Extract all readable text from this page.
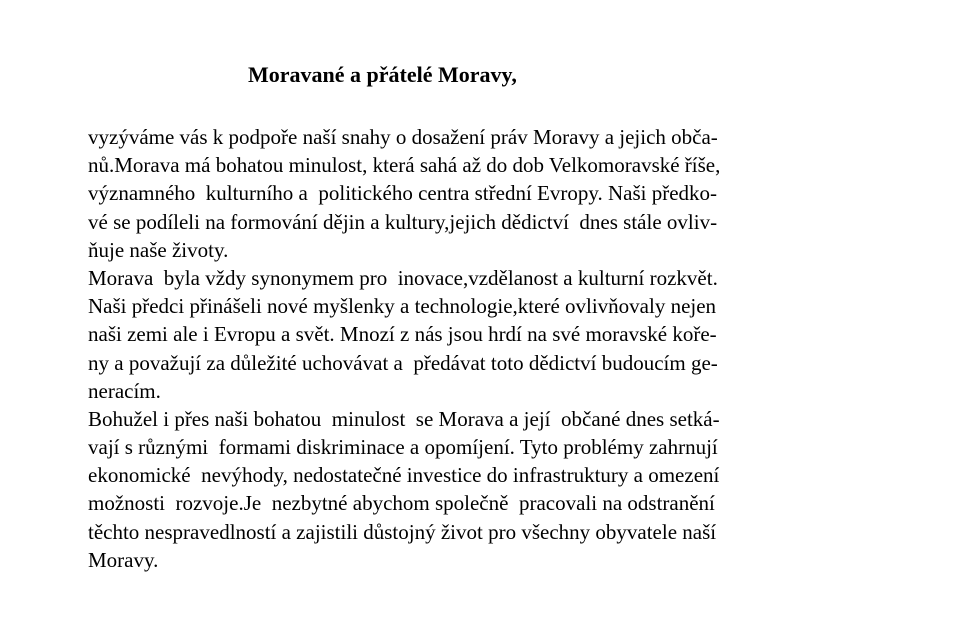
Moravané a přátelé Moravy,
vyzýváme vás k podpoře naší snahy o dosažení práv Moravy a jejich obča-
nů.Morava má bohatou minulost, která sahá až do dob Velkomoravské říše,
významného  kulturního a  politického centra střední Evropy. Naši předko-
vé se podíleli na formování dějin a kultury,jejich dědictví  dnes stále ovliv-
ňuje naše životy.
Morava  byla vždy synonymem pro  inovace,vzdělanost a kulturní rozkvět.
Naši předci přinášeli nové myšlenky a technologie,které ovlivňovaly nejen
naši zemi ale i Evropu a svět. Mnozí z nás jsou hrdí na své moravské koře-
ny a považují za důležité uchovávat a  předávat toto dědictví budoucím ge-
neracím.
Bohužel i přes naši bohatou  minulost  se Morava a její  občané dnes setká-
vají s různými  formami diskriminace a opomíjení. Tyto problémy zahrnují
ekonomické  nevýhody, nedostatečné investice do infrastruktury a omezení
možnosti  rozvoje.Je  nezbytné abychom společně  pracovali na odstranění
těchto nespravedlností a zajistili důstojný život pro všechny obyvatele naší
Moravy.
